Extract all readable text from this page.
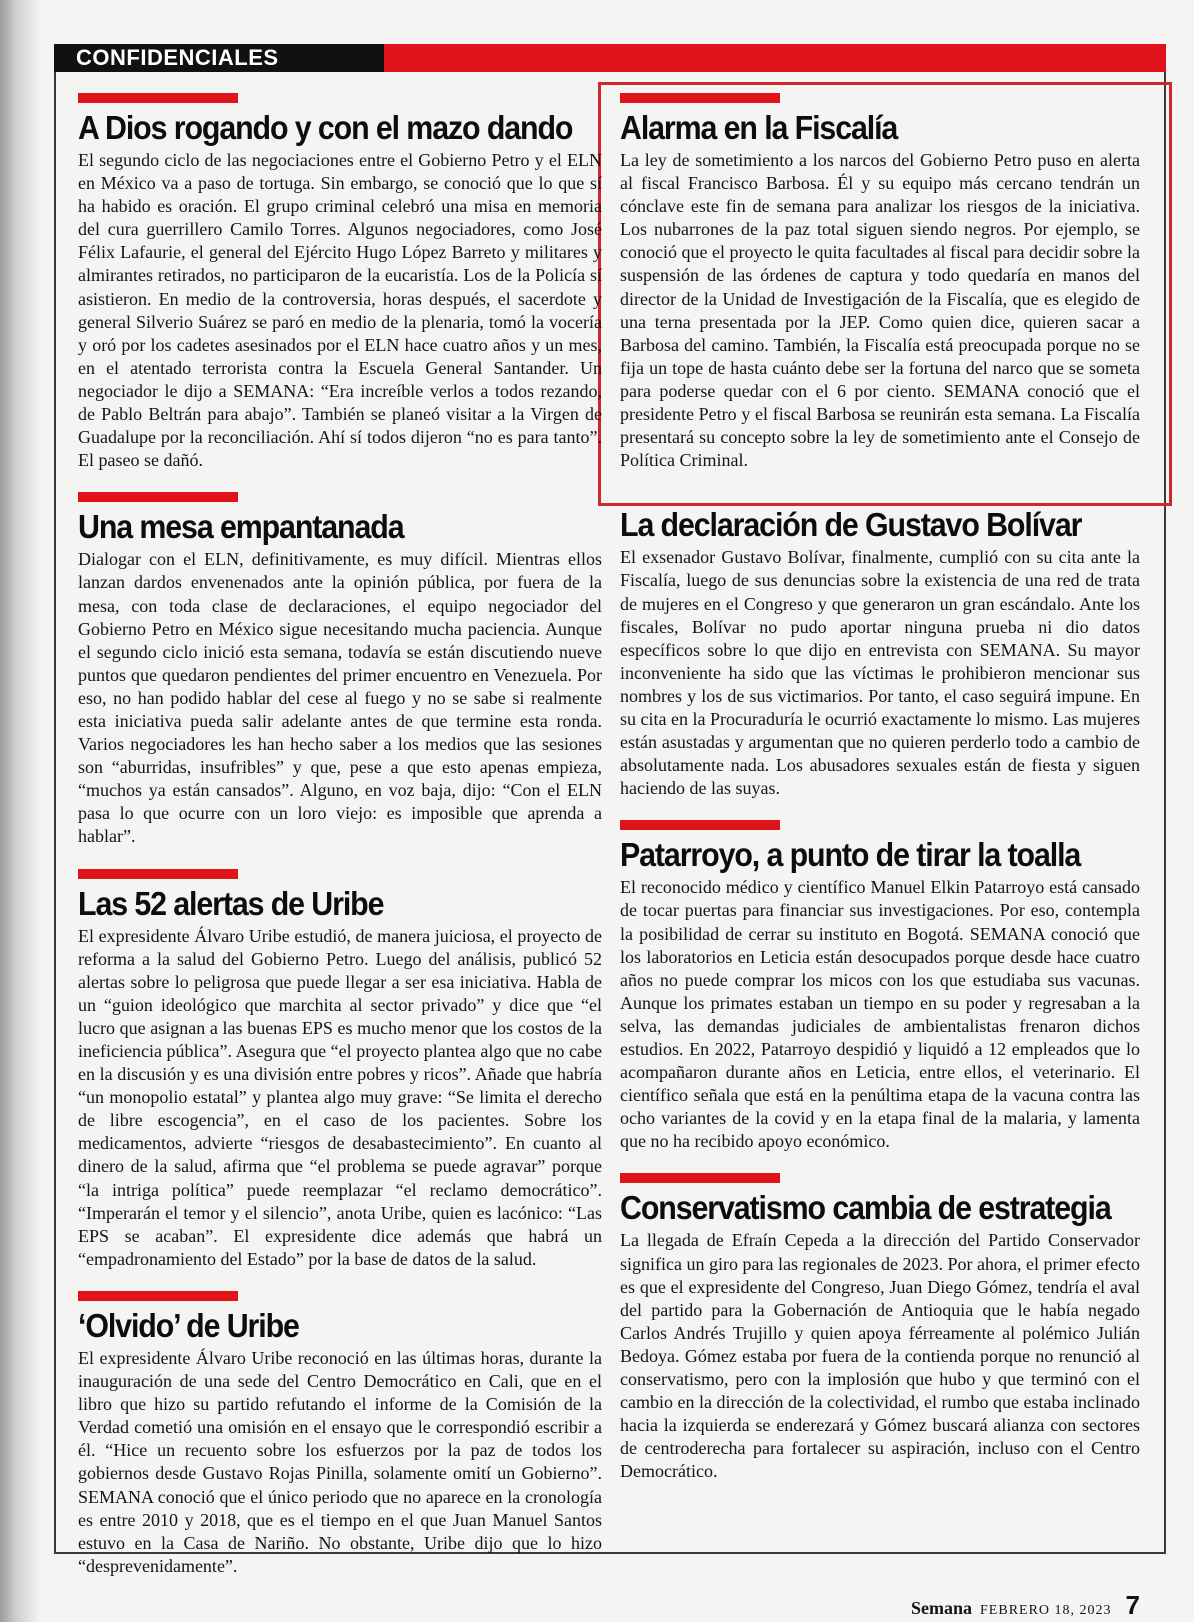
CONFIDENCIALES
A Dios rogando y con el mazo dando

El segundo ciclo de las negociaciones entre el Gobierno Petro y el ELN en México va a paso de tortuga. Sin embargo, se conoció que lo que sí ha habido es oración. El grupo criminal celebró una misa en memoria del cura guerrillero Camilo Torres. Algunos negociadores, como José Félix Lafaurie, el general del Ejército Hugo López Barreto y militares y almirantes retirados, no participaron de la eucaristía. Los de la Policía sí asistieron. En medio de la controversia, horas después, el sacerdote y general Silverio Suárez se paró en medio de la plenaria, tomó la vocería y oró por los cadetes asesinados por el ELN hace cuatro años y un mes, en el atentado terrorista contra la Escuela General Santander. Un negociador le dijo a SEMANA: “Era increíble verlos a todos rezando, de Pablo Beltrán para abajo”. También se planeó visitar a la Virgen de Guadalupe por la reconciliación. Ahí sí todos dijeron “no es para tanto”. El paseo se dañó.

Una mesa empantanada

Dialogar con el ELN, definitivamente, es muy difícil. Mientras ellos lanzan dardos envenenados ante la opinión pública, por fuera de la mesa, con toda clase de declaraciones, el equipo negociador del Gobierno Petro en México sigue necesitando mucha paciencia. Aunque el segundo ciclo inició esta semana, todavía se están discutiendo nueve puntos que quedaron pendientes del primer encuentro en Venezuela. Por eso, no han podido hablar del cese al fuego y no se sabe si realmente esta iniciativa pueda salir adelante antes de que termine esta ronda. Varios negociadores les han hecho saber a los medios que las sesiones son “aburridas, insufribles” y que, pese a que esto apenas empieza, “muchos ya están cansados”. Alguno, en voz baja, dijo: “Con el ELN pasa lo que ocurre con un loro viejo: es imposible que aprenda a hablar”.

Las 52 alertas de Uribe

El expresidente Álvaro Uribe estudió, de manera juiciosa, el proyecto de reforma a la salud del Gobierno Petro. Luego del análisis, publicó 52 alertas sobre lo peligrosa que puede llegar a ser esa iniciativa. Habla de un “guion ideológico que marchita al sector privado” y dice que “el lucro que asignan a las buenas EPS es mucho menor que los costos de la ineficiencia pública”. Asegura que “el proyecto plantea algo que no cabe en la discusión y es una división entre pobres y ricos”. Añade que habría “un monopolio estatal” y plantea algo muy grave: “Se limita el derecho de libre escogencia”, en el caso de los pacientes. Sobre los medicamentos, advierte “riesgos de desabastecimiento”. En cuanto al dinero de la salud, afirma que “el problema se puede agravar” porque “la intriga política” puede reemplazar “el reclamo democrático”. “Imperarán el temor y el silencio”, anota Uribe, quien es lacónico: “Las EPS se acaban”. El expresidente dice además que habrá un “empadronamiento del Estado” por la base de datos de la salud.

‘Olvido’ de Uribe

El expresidente Álvaro Uribe reconoció en las últimas horas, durante la inauguración de una sede del Centro Democrático en Cali, que en el libro que hizo su partido refutando el informe de la Comisión de la Verdad cometió una omisión en el ensayo que le correspondió escribir a él. “Hice un recuento sobre los esfuerzos por la paz de todos los gobiernos desde Gustavo Rojas Pinilla, solamente omití un Gobierno”. SEMANA conoció que el único periodo que no aparece en la cronología es entre 2010 y 2018, que es el tiempo en el que Juan Manuel Santos estuvo en la Casa de Nariño. No obstante, Uribe dijo que lo hizo “desprevenidamente”.

Alarma en la Fiscalía

La ley de sometimiento a los narcos del Gobierno Petro puso en alerta al fiscal Francisco Barbosa. Él y su equipo más cercano tendrán un cónclave este fin de semana para analizar los riesgos de la iniciativa. Los nubarrones de la paz total siguen siendo negros. Por ejemplo, se conoció que el proyecto le quita facultades al fiscal para decidir sobre la suspensión de las órdenes de captura y todo quedaría en manos del director de la Unidad de Investigación de la Fiscalía, que es elegido de una terna presentada por la JEP. Como quien dice, quieren sacar a Barbosa del camino. También, la Fiscalía está preocupada porque no se fija un tope de hasta cuánto debe ser la fortuna del narco que se someta para poderse quedar con el 6 por ciento. SEMANA conoció que el presidente Petro y el fiscal Barbosa se reunirán esta semana. La Fiscalía presentará su concepto sobre la ley de sometimiento ante el Consejo de Política Criminal.

La declaración de Gustavo Bolívar

El exsenador Gustavo Bolívar, finalmente, cumplió con su cita ante la Fiscalía, luego de sus denuncias sobre la existencia de una red de trata de mujeres en el Congreso y que generaron un gran escándalo. Ante los fiscales, Bolívar no pudo aportar ninguna prueba ni dio datos específicos sobre lo que dijo en entrevista con SEMANA. Su mayor inconveniente ha sido que las víctimas le prohibieron mencionar sus nombres y los de sus victimarios. Por tanto, el caso seguirá impune. En su cita en la Procuraduría le ocurrió exactamente lo mismo. Las mujeres están asustadas y argumentan que no quieren perderlo todo a cambio de absolutamente nada. Los abusadores sexuales están de fiesta y siguen haciendo de las suyas.

Patarroyo, a punto de tirar la toalla

El reconocido médico y científico Manuel Elkin Patarroyo está cansado de tocar puertas para financiar sus investigaciones. Por eso, contempla la posibilidad de cerrar su instituto en Bogotá. SEMANA conoció que los laboratorios en Leticia están desocupados porque desde hace cuatro años no puede comprar los micos con los que estudiaba sus vacunas. Aunque los primates estaban un tiempo en su poder y regresaban a la selva, las demandas judiciales de ambientalistas frenaron dichos estudios. En 2022, Patarroyo despidió y liquidó a 12 empleados que lo acompañaron durante años en Leticia, entre ellos, el veterinario. El científico señala que está en la penúltima etapa de la vacuna contra las ocho variantes de la covid y en la etapa final de la malaria, y lamenta que no ha recibido apoyo económico.

Conservatismo cambia de estrategia

La llegada de Efraín Cepeda a la dirección del Partido Conservador significa un giro para las regionales de 2023. Por ahora, el primer efecto es que el expresidente del Congreso, Juan Diego Gómez, tendría el aval del partido para la Gobernación de Antioquia que le había negado Carlos Andrés Trujillo y quien apoya férreamente al polémico Julián Bedoya. Gómez estaba por fuera de la contienda porque no renunció al conservatismo, pero con la implosión que hubo y que terminó con el cambio en la dirección de la colectividad, el rumbo que estaba inclinado hacia la izquierda se enderezará y Gómez buscará alianza con sectores de centroderecha para fortalecer su aspiración, incluso con el Centro Democrático.

Semana FEBRERO 18, 2023 7
